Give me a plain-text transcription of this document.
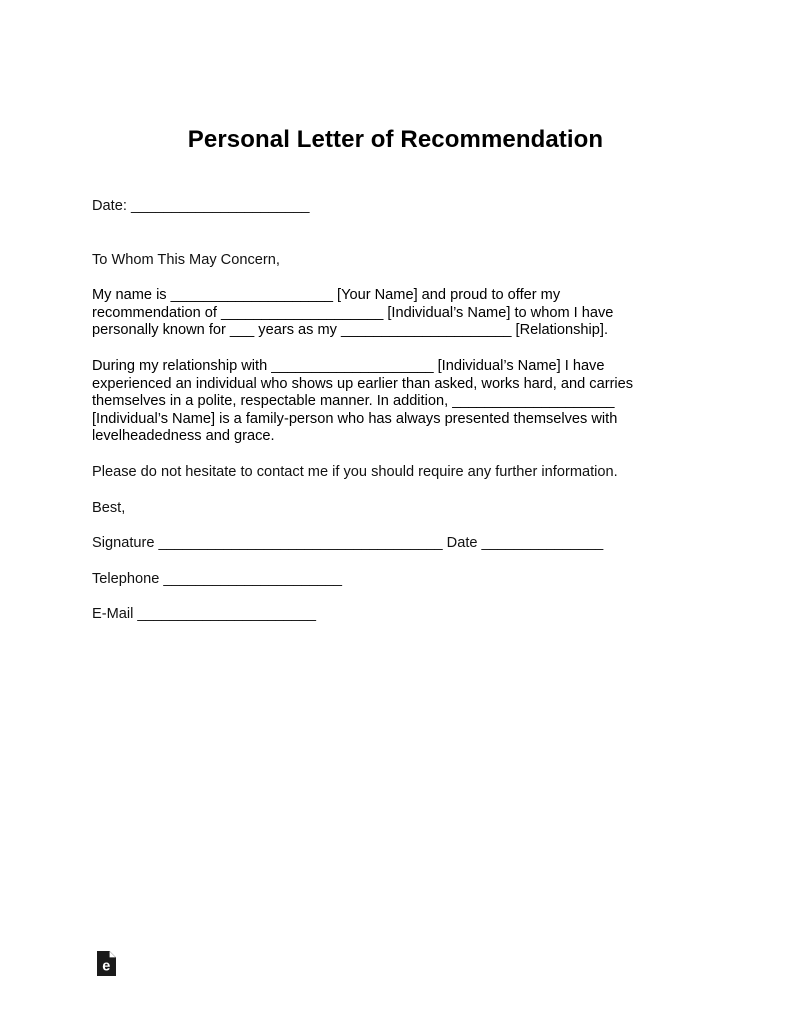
Personal Letter of Recommendation
Date: ______________________
To Whom This May Concern,
My name is ____________________ [Your Name] and proud to offer my recommendation of ____________________ [Individual’s Name] to whom I have personally known for ___ years as my _____________________ [Relationship].
During my relationship with ____________________ [Individual’s Name] I have experienced an individual who shows up earlier than asked, works hard, and carries themselves in a polite, respectable manner. In addition, ____________________ [Individual’s Name] is a family-person who has always presented themselves with levelheadedness and grace.
Please do not hesitate to contact me if you should require any further information.
Best,
Signature ___________________________________ Date _______________
Telephone ______________________
E-Mail ______________________
e
